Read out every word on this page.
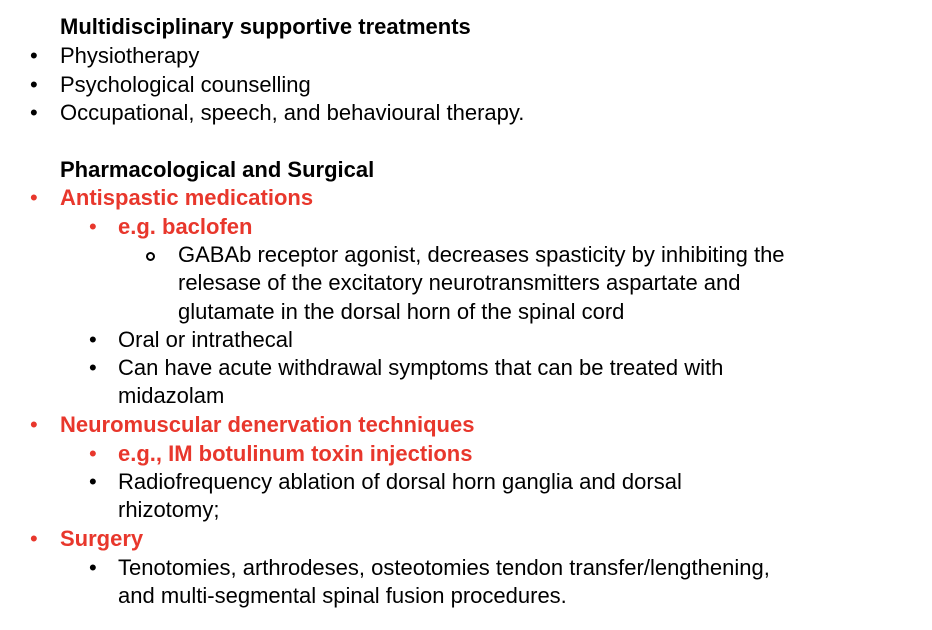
Multidisciplinary supportive treatments
• Physiotherapy
• Psychological counselling
• Occupational, speech, and behavioural therapy.
Pharmacological and Surgical
• Antispastic medications
• e.g. baclofen
GABAb receptor agonist, decreases spasticity by inhibiting the
relesase of the excitatory neurotransmitters aspartate and
glutamate in the dorsal horn of the spinal cord
• Oral or intrathecal
• Can have acute withdrawal symptoms that can be treated with
midazolam
• Neuromuscular denervation techniques
• e.g., IM botulinum toxin injections
• Radiofrequency ablation of dorsal horn ganglia and dorsal
rhizotomy;
• Surgery
• Tenotomies, arthrodeses, osteotomies tendon transfer/lengthening,
and multi-segmental spinal fusion procedures.
